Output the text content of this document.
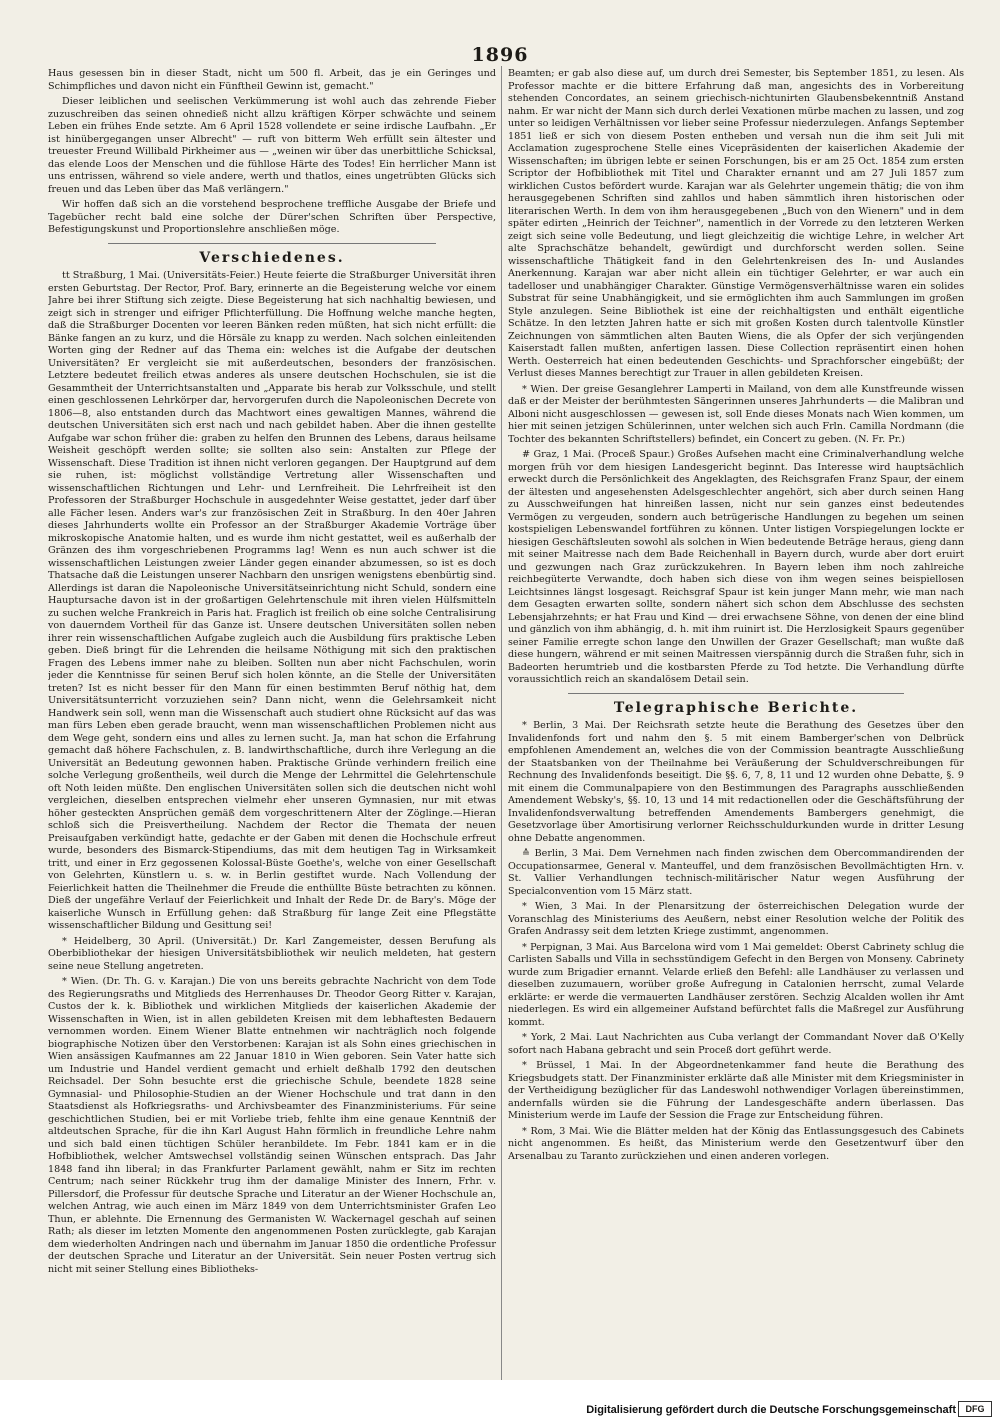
1896

Haus gesessen bin in dieser Stadt, nicht um 500 fl. Arbeit, das je ein Geringes und Schimpfliches und davon nicht ein Fünftheil Gewinn ist, gemacht."

Dieser leiblichen und seelischen Verkümmerung ist wohl auch das zehrende Fieber zuzuschreiben das seinen ohnedieß nicht allzu kräftigen Körper schwächte und seinem Leben ein frühes Ende setzte. Am 6 April 1528 vollendete er seine irdische Laufbahn. „Er ist hinübergegangen unser Albrecht" — ruft von bitterm Weh erfüllt sein ältester und treuester Freund Willibald Pirkheimer aus — „weinen wir über das unerbittliche Schicksal, das elende Loos der Menschen und die fühllose Härte des Todes! Ein herrlicher Mann ist uns entrissen, während so viele andere, werth und thatlos, eines ungetrübten Glücks sich freuen und das Leben über das Maß verlängern."

Wir hoffen daß sich an die vorstehend besprochene treffliche Ausgabe der Briefe und Tagebücher recht bald eine solche der Dürer'schen Schriften über Perspective, Befestigungskunst und Proportionslehre anschließen möge.

Verschiedenes.

tt Straßburg, 1 Mai. (Universitäts-Feier.) Heute feierte die Straßburger Universität ihren ersten Geburtstag. Der Rector, Prof. Bary, erinnerte an die Begeisterung welche vor einem Jahre bei ihrer Stiftung sich zeigte. Diese Begeisterung hat sich nachhaltig bewiesen, und zeigt sich in strenger und eifriger Pflichterfüllung. Die Hoffnung welche manche hegten, daß die Straßburger Docenten vor leeren Bänken reden müßten, hat sich nicht erfüllt: die Bänke fangen an zu kurz, und die Hörsäle zu knapp zu werden. Nach solchen einleitenden Worten ging der Redner auf das Thema ein: welches ist die Aufgabe der deutschen Universitäten? Er vergleicht sie mit außerdeutschen, besonders der französischen. Letztere bedeutet freilich etwas anderes als unsere deutschen Hochschulen, sie ist die Gesammtheit der Unterrichtsanstalten und „Apparate bis herab zur Volksschule, und stellt einen geschlossenen Lehrkörper dar, hervorgerufen durch die Napoleonischen Decrete von 1806—8, also entstanden durch das Machtwort eines gewaltigen Mannes, während die deutschen Universitäten sich erst nach und nach gebildet haben. Aber die ihnen gestellte Aufgabe war schon früher die: graben zu helfen den Brunnen des Lebens, daraus heilsame Weisheit geschöpft werden sollte; sie sollten also sein: Anstalten zur Pflege der Wissenschaft. Diese Tradition ist ihnen nicht verloren gegangen. Der Hauptgrund auf dem sie ruhen, ist: möglichst vollständige Vertretung aller Wissenschaften und wissenschaftlichen Richtungen und Lehr- und Lernfreiheit. Die Lehrfreiheit ist den Professoren der Straßburger Hochschule in ausgedehnter Weise gestattet, jeder darf über alle Fächer lesen. Anders war's zur französischen Zeit in Straßburg. In den 40er Jahren dieses Jahrhunderts wollte ein Professor an der Straßburger Akademie Vorträge über mikroskopische Anatomie halten, und es wurde ihm nicht gestattet, weil es außerhalb der Gränzen des ihm vorgeschriebenen Programms lag! Wenn es nun auch schwer ist die wissenschaftlichen Leistungen zweier Länder gegen einander abzumessen, so ist es doch Thatsache daß die Leistungen unserer Nachbarn den unsrigen wenigstens ebenbürtig sind. Allerdings ist daran die Napoleonische Universitätseinrichtung nicht Schuld, sondern eine Hauptursache davon ist in der großartigen Gelehrtenschule mit ihren vielen Hülfsmitteln zu suchen welche Frankreich in Paris hat. Fraglich ist freilich ob eine solche Centralisirung von dauerndem Vortheil für das Ganze ist. Unsere deutschen Universitäten sollen neben ihrer rein wissenschaftlichen Aufgabe zugleich auch die Ausbildung fürs praktische Leben geben. Dieß bringt für die Lehrenden die heilsame Nöthigung mit sich den praktischen Fragen des Lebens immer nahe zu bleiben. Sollten nun aber nicht Fachschulen, worin jeder die Kenntnisse für seinen Beruf sich holen könnte, an die Stelle der Universitäten treten? Ist es nicht besser für den Mann für einen bestimmten Beruf nöthig hat, dem Universitätsunterricht vorzuziehen sein? Dann nicht, wenn die Gelehrsamkeit nicht Handwerk sein soll, wenn man die Wissenschaft auch studiert ohne Rücksicht auf das was man fürs Leben eben gerade braucht, wenn man wissenschaftlichen Problemen nicht aus dem Wege geht, sondern eins und alles zu lernen sucht. Ja, man hat schon die Erfahrung gemacht daß höhere Fachschulen, z. B. landwirthschaftliche, durch ihre Verlegung an die Universität an Bedeutung gewonnen haben. Praktische Gründe verhindern freilich eine solche Verlegung großentheils, weil durch die Menge der Lehrmittel die Gelehrtenschule oft Noth leiden müßte. Den englischen Universitäten sollen sich die deutschen nicht wohl vergleichen, dieselben entsprechen vielmehr eher unseren Gymnasien, nur mit etwas höher gesteckten Ansprüchen gemäß dem vorgeschrittenern Alter der Zöglinge.—Hieran schloß sich die Preisvertheilung. Nachdem der Rector die Themata der neuen Preisaufgaben verkündigt hatte, gedachte er der Gaben mit denen die Hochschule erfreut wurde, besonders des Bismarck-Stipendiums, das mit dem heutigen Tag in Wirksamkeit tritt, und einer in Erz gegossenen Kolossal-Büste Goethe's, welche von einer Gesellschaft von Gelehrten, Künstlern u. s. w. in Berlin gestiftet wurde. Nach Vollendung der Feierlichkeit hatten die Theilnehmer die Freude die enthüllte Büste betrachten zu können. Dieß der ungefähre Verlauf der Feierlichkeit und Inhalt der Rede Dr. de Bary's. Möge der kaiserliche Wunsch in Erfüllung gehen: daß Straßburg für lange Zeit eine Pflegstätte wissenschaftlicher Bildung und Gesittung sei!

* Heidelberg, 30 April. (Universität.) Dr. Karl Zangemeister, dessen Berufung als Oberbibliothekar der hiesigen Universitätsbibliothek wir neulich meldeten, hat gestern seine neue Stellung angetreten.

* Wien. (Dr. Th. G. v. Karajan.) Die von uns bereits gebrachte Nachricht von dem Tode des Regierungsraths und Mitglieds des Herrenhauses Dr. Theodor Georg Ritter v. Karajan, Custos der k. k. Bibliothek und wirklichen Mitglieds der kaiserlichen Akademie der Wissenschaften in Wien, ist in allen gebildeten Kreisen mit dem lebhaftesten Bedauern vernommen worden. Einem Wiener Blatte entnehmen wir nachträglich noch folgende biographische Notizen über den Verstorbenen: Karajan ist als Sohn eines griechischen in Wien ansässigen Kaufmannes am 22 Januar 1810 in Wien geboren. Sein Vater hatte sich um Industrie und Handel verdient gemacht und erhielt deßhalb 1792 den deutschen Reichsadel. Der Sohn besuchte erst die griechische Schule, beendete 1828 seine Gymnasial- und Philosophie-Studien an der Wiener Hochschule und trat dann in den Staatsdienst als Hofkriegsraths- und Archivsbeamter des Finanzministeriums. Für seine geschichtlichen Studien, bei er mit Vorliebe trieb, fehlte ihm eine genaue Kenntniß der altdeutschen Sprache, für die ihn Karl August Hahn förmlich in freundliche Lehre nahm und sich bald einen tüchtigen Schüler heranbildete. Im Febr. 1841 kam er in die Hofbibliothek, welcher Amtswechsel vollständig seinen Wünschen entsprach. Das Jahr 1848 fand ihn liberal; in das Frankfurter Parlament gewählt, nahm er Sitz im rechten Centrum; nach seiner Rückkehr trug ihm der damalige Minister des Innern, Frhr. v. Pillersdorf, die Professur für deutsche Sprache und Literatur an der Wiener Hochschule an, welchen Antrag, wie auch einen im März 1849 von dem Unterrichtsminister Grafen Leo Thun, er ablehnte. Die Ernennung des Germanisten W. Wackernagel geschah auf seinen Rath; als dieser im letzten Momente den angenommenen Posten zurücklegte, gab Karajan dem wiederholten Andringen nach und übernahm im Januar 1850 die ordentliche Professur der deutschen Sprache und Literatur an der Universität. Sein neuer Posten vertrug sich nicht mit seiner Stellung eines Bibliotheks-

Beamten; er gab also diese auf, um durch drei Semester, bis September 1851, zu lesen. Als Professor machte er die bittere Erfahrung daß man, angesichts des in Vorbereitung stehenden Concordates, an seinem griechisch-nichtunirten Glaubensbekenntniß Anstand nahm. Er war nicht der Mann sich durch derlei Vexationen mürbe machen zu lassen, und zog unter so leidigen Verhältnissen vor lieber seine Professur niederzulegen. Anfangs September 1851 ließ er sich von diesem Posten entheben und versah nun die ihm seit Juli mit Acclamation zugesprochene Stelle eines Vicepräsidenten der kaiserlichen Akademie der Wissenschaften; im übrigen lebte er seinen Forschungen, bis er am 25 Oct. 1854 zum ersten Scriptor der Hofbibliothek mit Titel und Charakter ernannt und am 27 Juli 1857 zum wirklichen Custos befördert wurde. Karajan war als Gelehrter ungemein thätig; die von ihm herausgegebenen Schriften sind zahllos und haben sämmtlich ihren historischen oder literarischen Werth. In dem von ihm herausgegebenen „Buch von den Wienern" und in dem später edirten „Heinrich der Teichner", namentlich in der Vorrede zu den letzteren Werken zeigt sich seine volle Bedeutung, und liegt gleichzeitig die wichtige Lehre, in welcher Art alte Sprachschätze behandelt, gewürdigt und durchforscht werden sollen. Seine wissenschaftliche Thätigkeit fand in den Gelehrtenkreisen des In- und Auslandes Anerkennung. Karajan war aber nicht allein ein tüchtiger Gelehrter, er war auch ein tadelloser und unabhängiger Charakter. Günstige Vermögensverhältnisse waren ein solides Substrat für seine Unabhängigkeit, und sie ermöglichten ihm auch Sammlungen im großen Style anzulegen. Seine Bibliothek ist eine der reichhaltigsten und enthält eigentliche Schätze. In den letzten Jahren hatte er sich mit großen Kosten durch talentvolle Künstler Zeichnungen von sämmtlichen alten Bauten Wiens, die als Opfer der sich verjüngenden Kaiserstadt fallen mußten, anfertigen lassen. Diese Collection repräsentirt einen hohen Werth. Oesterreich hat einen bedeutenden Geschichts- und Sprachforscher eingebüßt; der Verlust dieses Mannes berechtigt zur Trauer in allen gebildeten Kreisen.

* Wien. Der greise Gesanglehrer Lamperti in Mailand, von dem alle Kunstfreunde wissen daß er der Meister der berühmtesten Sängerinnen unseres Jahrhunderts — die Malibran und Alboni nicht ausgeschlossen — gewesen ist, soll Ende dieses Monats nach Wien kommen, um hier mit seinen jetzigen Schülerinnen, unter welchen sich auch Frln. Camilla Nordmann (die Tochter des bekannten Schriftstellers) befindet, ein Concert zu geben. (N. Fr. Pr.)

# Graz, 1 Mai. (Proceß Spaur.) Großes Aufsehen macht eine Criminalverhandlung welche morgen früh vor dem hiesigen Landesgericht beginnt. Das Interesse wird hauptsächlich erweckt durch die Persönlichkeit des Angeklagten, des Reichsgrafen Franz Spaur, der einem der ältesten und angesehensten Adelsgeschlechter angehört, sich aber durch seinen Hang zu Ausschweifungen hat hinreißen lassen, nicht nur sein ganzes einst bedeutendes Vermögen zu vergeuden, sondern auch betrügerische Handlungen zu begehen um seinen kostspieligen Lebenswandel fortführen zu können. Unter listigen Vorspiegelungen lockte er hiesigen Geschäftsleuten sowohl als solchen in Wien bedeutende Beträge heraus, gieng dann mit seiner Maitresse nach dem Bade Reichenhall in Bayern durch, wurde aber dort eruirt und gezwungen nach Graz zurückzukehren. In Bayern leben ihm noch zahlreiche reichbegüterte Verwandte, doch haben sich diese von ihm wegen seines beispiellosen Leichtsinnes längst losgesagt. Reichsgraf Spaur ist kein junger Mann mehr, wie man nach dem Gesagten erwarten sollte, sondern nähert sich schon dem Abschlusse des sechsten Lebensjahrzehnts; er hat Frau und Kind — drei erwachsene Söhne, von denen der eine blind und gänzlich von ihm abhängig, d. h. mit ihm ruinirt ist. Die Herzlosigkeit Spaurs gegenüber seiner Familie erregte schon lange den Unwillen der Grazer Gesellschaft; man wußte daß diese hungern, während er mit seinen Maitressen vierspännig durch die Straßen fuhr, sich in Badeorten herumtrieb und die kostbarsten Pferde zu Tod hetzte. Die Verhandlung dürfte voraussichtlich reich an skandalösem Detail sein.

Telegraphische Berichte.

* Berlin, 3 Mai. Der Reichsrath setzte heute die Berathung des Gesetzes über den Invalidenfonds fort und nahm den §. 5 mit einem Bamberger'schen von Delbrück empfohlenen Amendement an, welches die von der Commission beantragte Ausschließung der Staatsbanken von der Theilnahme bei Veräußerung der Schuldverschreibungen für Rechnung des Invalidenfonds beseitigt. Die §§. 6, 7, 8, 11 und 12 wurden ohne Debatte, §. 9 mit einem die Communalpapiere von den Bestimmungen des Paragraphs ausschließenden Amendement Websky's, §§. 10, 13 und 14 mit redactionellen oder die Geschäftsführung der Invalidenfondsverwaltung betreffenden Amendements Bambergers genehmigt, die Gesetzvorlage über Amortisirung verlorner Reichsschuldurkunden wurde in dritter Lesung ohne Debatte angenommen.

≙ Berlin, 3 Mai. Dem Vernehmen nach finden zwischen dem Obercommandirenden der Occupationsarmee, General v. Manteuffel, und dem französischen Bevollmächtigten Hrn. v. St. Vallier Verhandlungen technisch-militärischer Natur wegen Ausführung der Specialconvention vom 15 März statt.

* Wien, 3 Mai. In der Plenarsitzung der österreichischen Delegation wurde der Voranschlag des Ministeriums des Aeußern, nebst einer Resolution welche der Politik des Grafen Andrassy seit dem letzten Kriege zustimmt, angenommen.

* Perpignan, 3 Mai. Aus Barcelona wird vom 1 Mai gemeldet: Oberst Cabrinety schlug die Carlisten Saballs und Villa in sechsstündigem Gefecht in den Bergen von Monseny. Cabrinety wurde zum Brigadier ernannt. Velarde erließ den Befehl: alle Landhäuser zu verlassen und dieselben zuzumauern, worüber große Aufregung in Catalonien herrscht, zumal Velarde erklärte: er werde die vermauerten Landhäuser zerstören. Sechzig Alcalden wollen ihr Amt niederlegen. Es wird ein allgemeiner Aufstand befürchtet falls die Maßregel zur Ausführung kommt.

* York, 2 Mai. Laut Nachrichten aus Cuba verlangt der Commandant Nover daß O'Kelly sofort nach Habana gebracht und sein Proceß dort geführt werde.

* Brüssel, 1 Mai. In der Abgeordnetenkammer fand heute die Berathung des Kriegsbudgets statt. Der Finanzminister erklärte daß alle Minister mit dem Kriegsminister in der Vertheidigung bezüglicher für das Landeswohl nothwendiger Vorlagen übereinstimmen, andernfalls würden sie die Führung der Landesgeschäfte andern überlassen. Das Ministerium werde im Laufe der Session die Frage zur Entscheidung führen.

* Rom, 3 Mai. Wie die Blätter melden hat der König das Entlassungsgesuch des Cabinets nicht angenommen. Es heißt, das Ministerium werde den Gesetzentwurf über den Arsenalbau zu Taranto zurückziehen und einen anderen vorlegen.

Digitalisierung gefördert durch die Deutsche Forschungsgemeinschaft	DFG
